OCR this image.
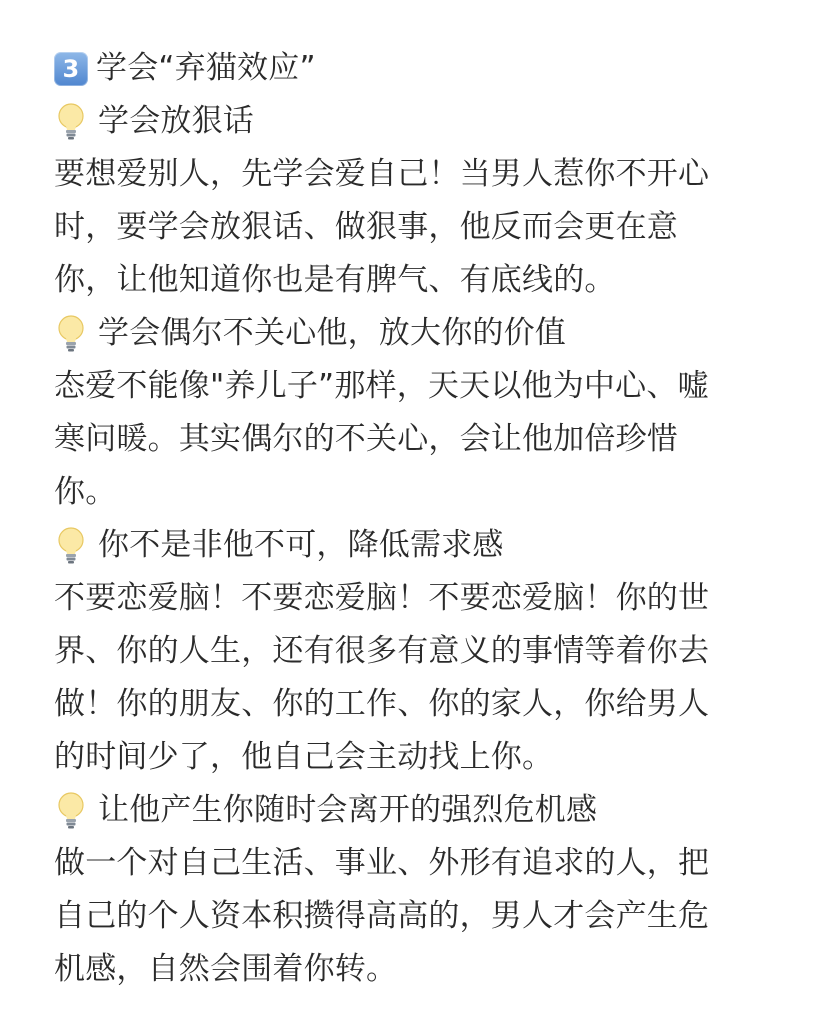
3 学会“弃猫效应”
学会放狠话
要想爱别人，先学会爱自己！当男人惹你不开心
时，要学会放狠话、做狠事，他反而会更在意
你，让他知道你也是有脾气、有底线的。
学会偶尔不关心他，放大你的价值
态爱不能像"养儿子”那样，天天以他为中心、嘘
寒问暖。其实偶尔的不关心，会让他加倍珍惜
你。
你不是非他不可，降低需求感
不要恋爱脑！不要恋爱脑！不要恋爱脑！你的世
界、你的人生，还有很多有意义的事情等着你去
做！你的朋友、你的工作、你的家人，你给男人
的时间少了，他自己会主动找上你。
让他产生你随时会离开的强烈危机感
做一个对自己生活、事业、外形有追求的人，把
自己的个人资本积攒得高高的，男人才会产生危
机感，自然会围着你转。
